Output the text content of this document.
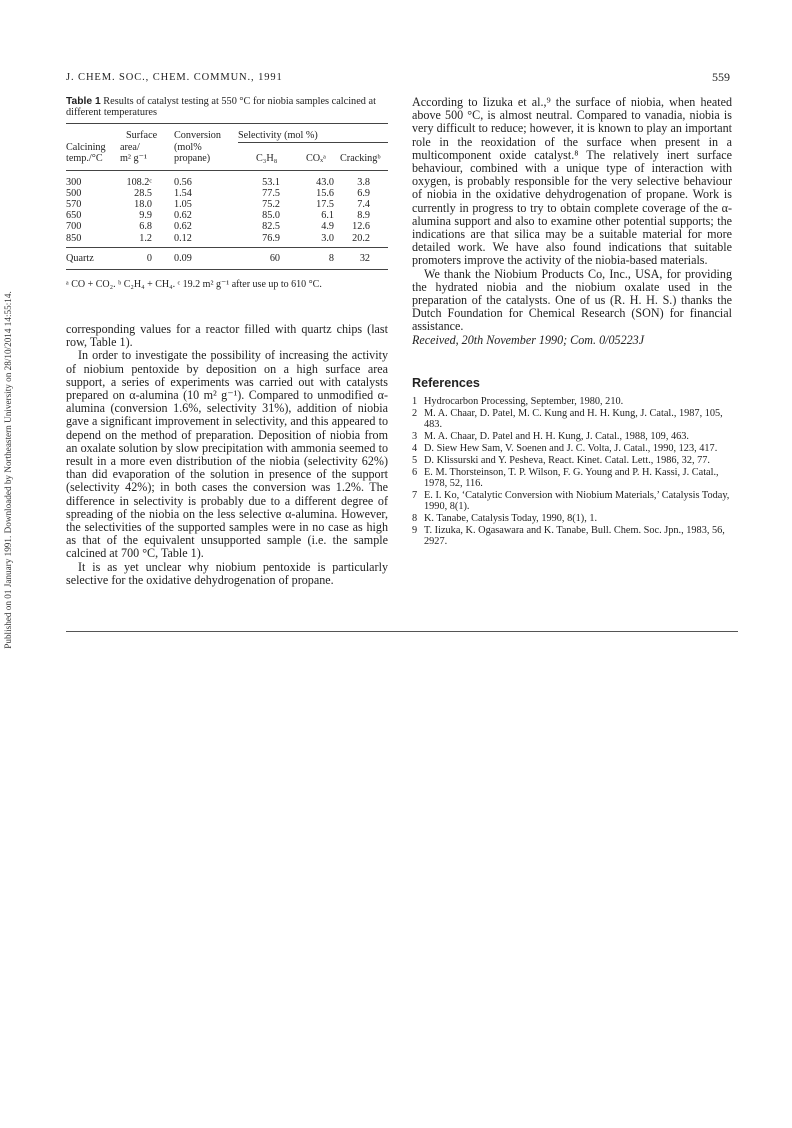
Published on 01 January 1991. Downloaded by Northeastern University on 28/10/2014 14:55:14.
J. CHEM. SOC., CHEM. COMMUN., 1991	559
Table 1 Results of catalyst testing at 550 °C for niobia samples calcined at different temperatures
	Surface	Conversion	Selectivity (mol %)		
Calcining	area/	(mol%			
temp./°C	m² g⁻¹	propane)	C₃H₈	COₓᵃ	Crackingᵇ
300	108.2ᶜ	0.56	53.1	43.0	3.8
500	28.5	1.54	77.5	15.6	6.9
570	18.0	1.05	75.2	17.5	7.4
650	9.9	0.62	85.0	6.1	8.9
700	6.8	0.62	82.5	4.9	12.6
850	1.2	0.12	76.9	3.0	20.2
Quartz	0	0.09	60	8	32
ᵃ CO + CO₂. ᵇ C₂H₄ + CH₄. ᶜ 19.2 m² g⁻¹ after use up to 610 °C.

corresponding values for a reactor filled with quartz chips (last row, Table 1).

In order to investigate the possibility of increasing the activity of niobium pentoxide by deposition on a high surface area support, a series of experiments was carried out with catalysts prepared on α-alumina (10 m² g⁻¹). Compared to unmodified α-alumina (conversion 1.6%, selectivity 31%), addition of niobia gave a significant improvement in selectivity, and this appeared to depend on the method of preparation. Deposition of niobia from an oxalate solution by slow precipitation with ammonia seemed to result in a more even distribution of the niobia (selectivity 62%) than did evaporation of the solution in presence of the support (selectivity 42%); in both cases the conversion was 1.2%. The difference in selectivity is probably due to a different degree of spreading of the niobia on the less selective α-alumina. However, the selectivities of the supported samples were in no case as high as that of the equivalent unsupported sample (i.e. the sample calcined at 700 °C, Table 1).

It is as yet unclear why niobium pentoxide is particularly selective for the oxidative dehydrogenation of propane.

According to Iizuka et al.,⁹ the surface of niobia, when heated above 500 °C, is almost neutral. Compared to vanadia, niobia is very difficult to reduce; however, it is known to play an important role in the reoxidation of the surface when present in a multicomponent oxide catalyst.⁸ The relatively inert surface behaviour, combined with a unique type of interaction with oxygen, is probably responsible for the very selective behaviour of niobia in the oxidative dehydrogenation of propane. Work is currently in progress to try to obtain complete coverage of the α-alumina support and also to examine other potential supports; the indications are that silica may be a suitable material for more detailed work. We have also found indications that suitable promoters improve the activity of the niobia-based materials.

We thank the Niobium Products Co, Inc., USA, for providing the hydrated niobia and the niobium oxalate used in the preparation of the catalysts. One of us (R. H. H. S.) thanks the Dutch Foundation for Chemical Research (SON) for financial assistance.

Received, 20th November 1990; Com. 0/05223J

References
1 Hydrocarbon Processing, September, 1980, 210.
2 M. A. Chaar, D. Patel, M. C. Kung and H. H. Kung, J. Catal., 1987, 105, 483.
3 M. A. Chaar, D. Patel and H. H. Kung, J. Catal., 1988, 109, 463.
4 D. Siew Hew Sam, V. Soenen and J. C. Volta, J. Catal., 1990, 123, 417.
5 D. Klissurski and Y. Pesheva, React. Kinet. Catal. Lett., 1986, 32, 77.
6 E. M. Thorsteinson, T. P. Wilson, F. G. Young and P. H. Kassi, J. Catal., 1978, 52, 116.
7 E. I. Ko, ‘Catalytic Conversion with Niobium Materials,’ Catalysis Today, 1990, 8(1).
8 K. Tanabe, Catalysis Today, 1990, 8(1), 1.
9 T. Iizuka, K. Ogasawara and K. Tanabe, Bull. Chem. Soc. Jpn., 1983, 56, 2927.
